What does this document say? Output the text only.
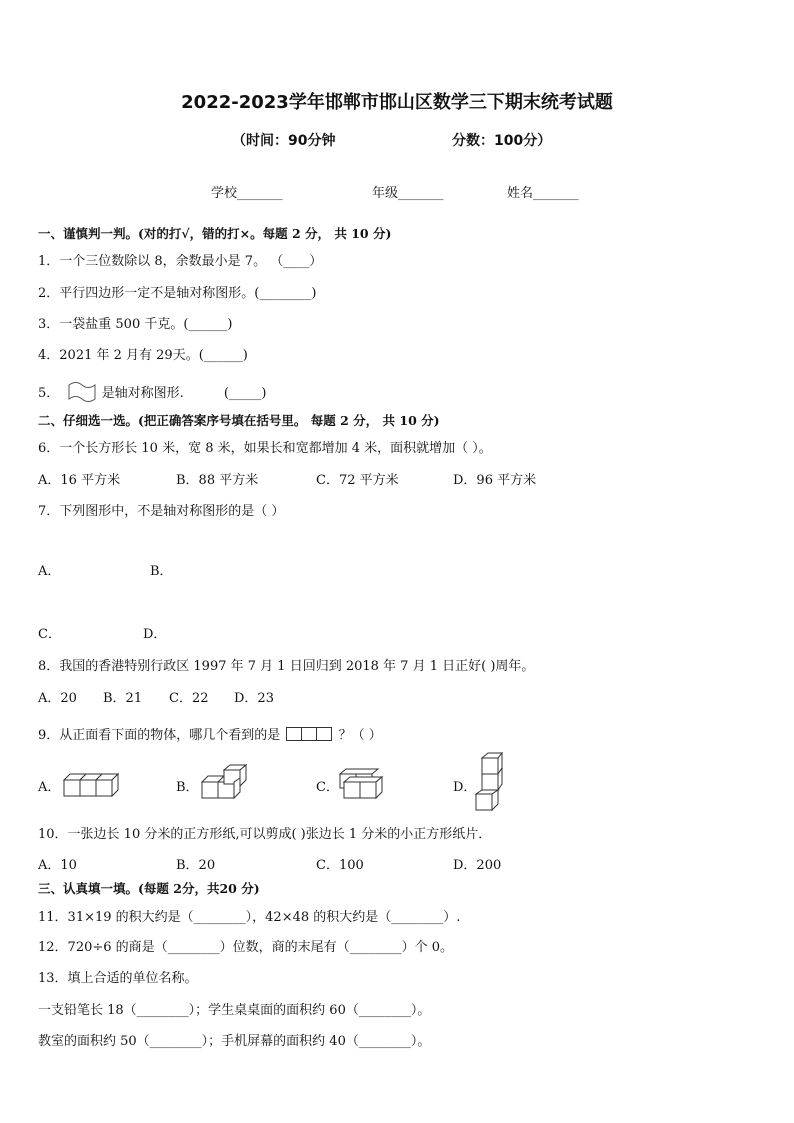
2022-2023学年邯郸市邯山区数学三下期末统考试题
（时间：90分钟	分数：100分）
学校_______	年级_______	姓名_______
一、谨慎判一判。(对的打√，错的打×。每题 2 分， 共 10 分)
1．一个三位数除以 8，余数最小是 7。 （____）
2．平行四边形一定不是轴对称图形。(________)
3．一袋盐重 500 千克。(______)
4．2021 年 2 月有 29天。(______)
5．	是轴对称图形.	(_____)
二、仔细选一选。(把正确答案序号填在括号里。 每题 2 分， 共 10 分)
6．一个长方形长 10 米，宽 8 米，如果长和宽都增加 4 米，面积就增加（ ）。
A．16 平方米	B．88 平方米	C．72 平方米	D．96 平方米
7．下列图形中，不是轴对称图形的是（ ）
A．	B．
C．	D．
8．我国的香港特别行政区 1997 年 7 月 1 日回归到 2018 年 7 月 1 日正好( )周年。
A．20 B．21 C．22 D．23
9．从正面看下面的物体，哪几个看到的是	？（ ）
A．	B．	C．	D．
10．一张边长 10 分米的正方形纸,可以剪成( )张边长 1 分米的小正方形纸片．
A．10	B．20	C．100	D．200
三、认真填一填。(每题 2分，共20 分)
11．31×19 的积大约是（________），42×48 的积大约是（________）.
12．720÷6 的商是（________）位数，商的末尾有（________）个 0。
13．填上合适的单位名称。
一支铅笔长 18（________）；学生桌桌面的面积约 60（________）。
教室的面积约 50（________）；手机屏幕的面积约 40（________）。
